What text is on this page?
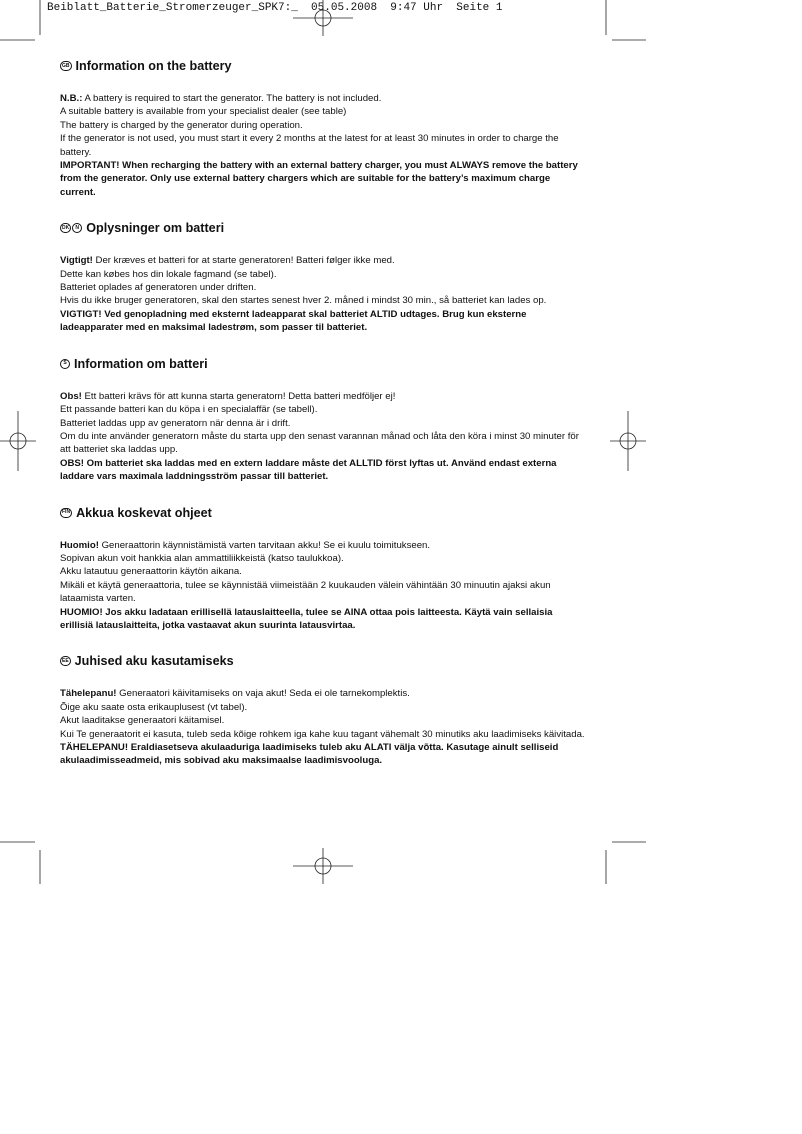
Beiblatt_Batterie_Stromerzeuger_SPK7:_  05.05.2008  9:47 Uhr  Seite 1
GB Information on the battery

N.B.: A battery is required to start the generator. The battery is not included.

A suitable battery is available from your specialist dealer (see table)

The battery is charged by the generator during operation.

If the generator is not used, you must start it every 2 months at the latest for at least 30 minutes in order to charge the battery.

IMPORTANT! When recharging the battery with an external battery charger, you must ALWAYS remove the battery from the generator. Only use external battery chargers which are suitable for the battery’s maximum charge current.

DK	N Oplysninger om batteri

Vigtigt! Der kræves et batteri for at starte generatoren! Batteri følger ikke med.

Dette kan købes hos din lokale fagmand (se tabel).

Batteriet oplades af generatoren under driften.

Hvis du ikke bruger generatoren, skal den startes senest hver 2. måned i mindst 30 min., så batteriet kan lades op.

VIGTIGT! Ved genopladning med eksternt ladeapparat skal batteriet ALTID udtages. Brug kun eksterne ladeapparater med en maksimal ladestrøm, som passer til batteriet.

S Information om batteri

Obs! Ett batteri krävs för att kunna starta generatorn! Detta batteri medföljer ej!

Ett passande batteri kan du köpa i en specialaffär (se tabell).

Batteriet laddas upp av generatorn när denna är i drift.

Om du inte använder generatorn måste du starta upp den senast varannan månad och låta den köra i minst 30 minuter för att batteriet ska laddas upp.

OBS! Om batteriet ska laddas med en extern laddare måste det ALLTID först lyftas ut. Använd endast externa laddare vars maximala laddningsström passar till batteriet.

FIN Akkua koskevat ohjeet

Huomio! Generaattorin käynnistämistä varten tarvitaan akku! Se ei kuulu toimitukseen.

Sopivan akun voit hankkia alan ammattiliikkeistä (katso taulukkoa).

Akku latautuu generaattorin käytön aikana.

Mikäli et käytä generaattoria, tulee se käynnistää viimeistään 2 kuukauden välein vähintään 30 minuutin ajaksi akun lataamista varten.

HUOMIO! Jos akku ladataan erillisellä latauslaitteella, tulee se AINA ottaa pois laitteesta. Käytä vain sellaisia erillisiä latauslaitteita, jotka vastaavat akun suurinta latausvirtaa.

EE Juhised aku kasutamiseks

Tähelepanu! Generaatori käivitamiseks on vaja akut! Seda ei ole tarnekomplektis.

Õige aku saate osta erikauplusest (vt tabel).

Akut laaditakse generaatori käitamisel.

Kui Te generaatorit ei kasuta, tuleb seda kõige rohkem iga kahe kuu tagant vähemalt 30 minutiks aku laadimiseks käivitada.

TÄHELEPANU! Eraldiasetseva akulaaduriga laadimiseks tuleb aku ALATI välja võtta. Kasutage ainult selliseid akulaadimisseadmeid, mis sobivad aku maksimaalse laadimisvooluga.
